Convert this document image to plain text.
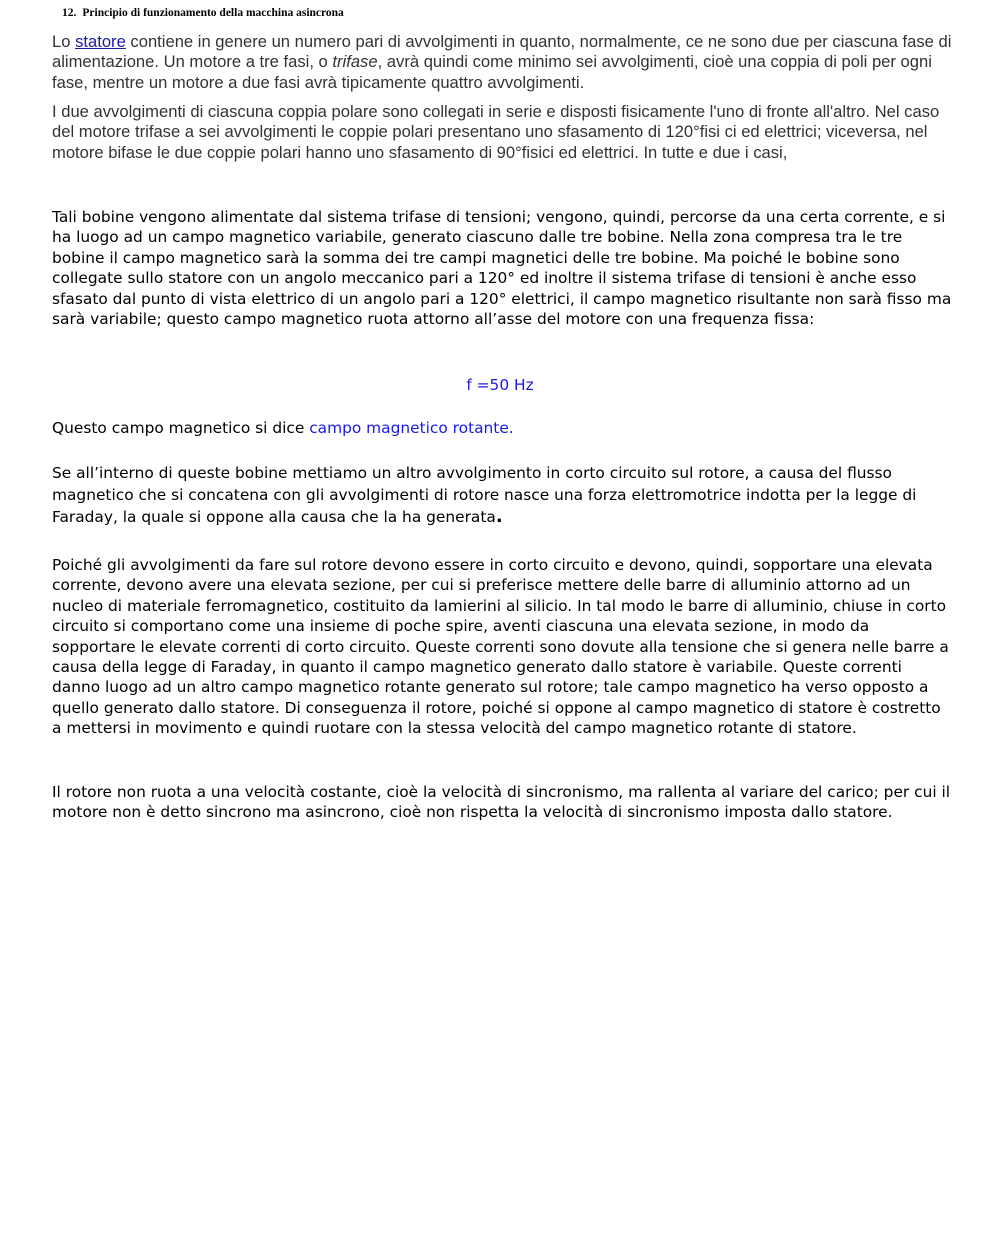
12. Principio di funzionamento della macchina asincrona

Lo statore contiene in genere un numero pari di avvolgimenti in quanto, normalmente, ce ne sono due per ciascuna fase di alimentazione. Un motore a tre fasi, o trifase, avrà quindi come minimo sei avvolgimenti, cioè una coppia di poli per ogni fase, mentre un motore a due fasi avrà tipicamente quattro avvolgimenti.

I due avvolgimenti di ciascuna coppia polare sono collegati in serie e disposti fisicamente l'uno di fronte all'altro. Nel caso del motore trifase a sei avvolgimenti le coppie polari presentano uno sfasamento di 120°fisi ci ed elettrici; viceversa, nel motore bifase le due coppie polari hanno uno sfasamento di 90°fisici ed elettrici. In tutte e due i casi,

Tali bobine vengono alimentate dal sistema trifase di tensioni; vengono, quindi, percorse da una certa corrente, e si ha luogo ad un campo magnetico variabile, generato ciascuno dalle tre bobine. Nella zona compresa tra le tre bobine il campo magnetico sarà la somma dei tre campi magnetici delle tre bobine. Ma poiché le bobine sono collegate sullo statore con un angolo meccanico pari a 120° ed inoltre il sistema trifase di tensioni è anche esso sfasato dal punto di vista elettrico di un angolo pari a 120° elettrici, il campo magnetico risultante non sarà fisso ma sarà variabile; questo campo magnetico ruota attorno all’asse del motore con una frequenza fissa:

f =50 Hz

Questo campo magnetico si dice campo magnetico rotante.

Se all’interno di queste bobine mettiamo un altro avvolgimento in corto circuito sul rotore, a causa del flusso magnetico che si concatena con gli avvolgimenti di rotore nasce una forza elettromotrice indotta per la legge di Faraday, la quale si oppone alla causa che la ha generata.

Poiché gli avvolgimenti da fare sul rotore devono essere in corto circuito e devono, quindi, sopportare una elevata corrente, devono avere una elevata sezione, per cui si preferisce mettere delle barre di alluminio attorno ad un nucleo di materiale ferromagnetico, costituito da lamierini al silicio. In tal modo le barre di alluminio, chiuse in corto circuito si comportano come una insieme di poche spire, aventi ciascuna una elevata sezione, in modo da sopportare le elevate correnti di corto circuito. Queste correnti sono dovute alla tensione che si genera nelle barre a causa della legge di Faraday, in quanto il campo magnetico generato dallo statore è variabile. Queste correnti danno luogo ad un altro campo magnetico rotante generato sul rotore; tale campo magnetico ha verso opposto a quello generato dallo statore. Di conseguenza il rotore, poiché si oppone al campo magnetico di statore è costretto a mettersi in movimento e quindi ruotare con la stessa velocità del campo magnetico rotante di statore.

Il rotore non ruota a una velocità costante, cioè la velocità di sincronismo, ma rallenta al variare del carico; per cui il motore non è detto sincrono ma asincrono, cioè non rispetta la velocità di sincronismo imposta dallo statore.
